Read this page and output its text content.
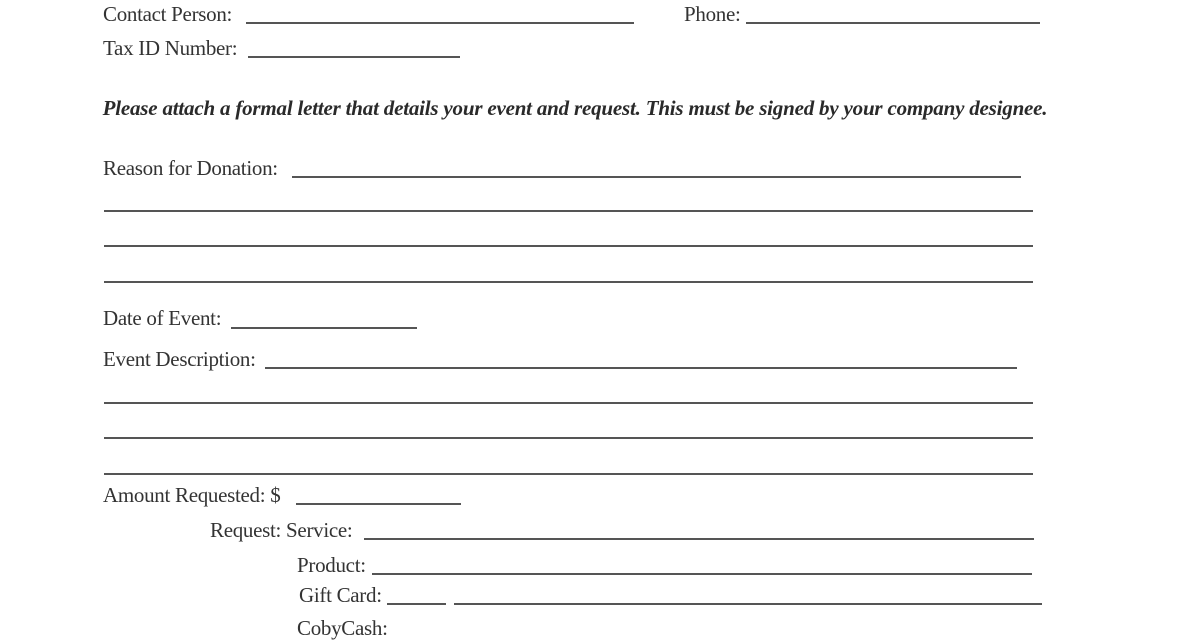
Contact Person:	Phone:
Tax ID Number:
Please attach a formal letter that details your event and request. This must be signed by your company designee.
Reason for Donation:
Date of Event:
Event Description:
Amount Requested: $
Request: Service:
Product:
Gift Card:
CobyCash:
